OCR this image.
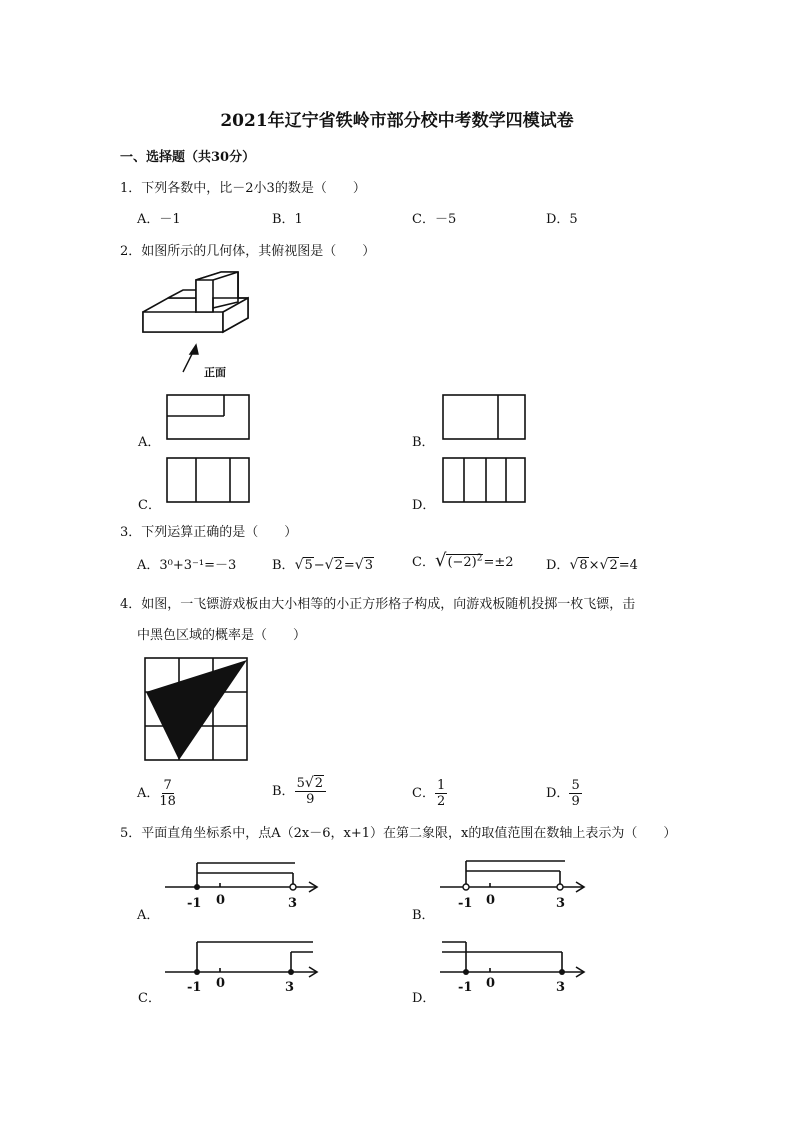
2021年辽宁省铁岭市部分校中考数学四模试卷
一、选择题（共30分）
1．下列各数中，比－2小3的数是（　　）
A．－1	B．1	C．－5	D．5
2．如图所示的几何体，其俯视图是（　　）
正面
A．	B．
C．	D．
3．下列运算正确的是（　　）
A．3⁰+3⁻¹=－3	B．√5−√2=√3	C．$√(-2)^2=\pm 2$ D．√8×√2=4
4．如图，一飞镖游戏板由大小相等的小正方形格子构成，向游戏板随机投掷一枚飞镖，击
中黑色区域的概率是（　　）
A． $\frac{7}{18}$	B． $\frac{5√2}{9}$	C． $\frac{1}{2}$	D． $\frac{5}{9}$
5．平面直角坐标系中，点A（2x－6，x+1）在第二象限，x的取值范围在数轴上表示为（　　）
A．
-1 0	3
B．
-1 0	3
C．
-1 0	3
D．
-1 0	3
